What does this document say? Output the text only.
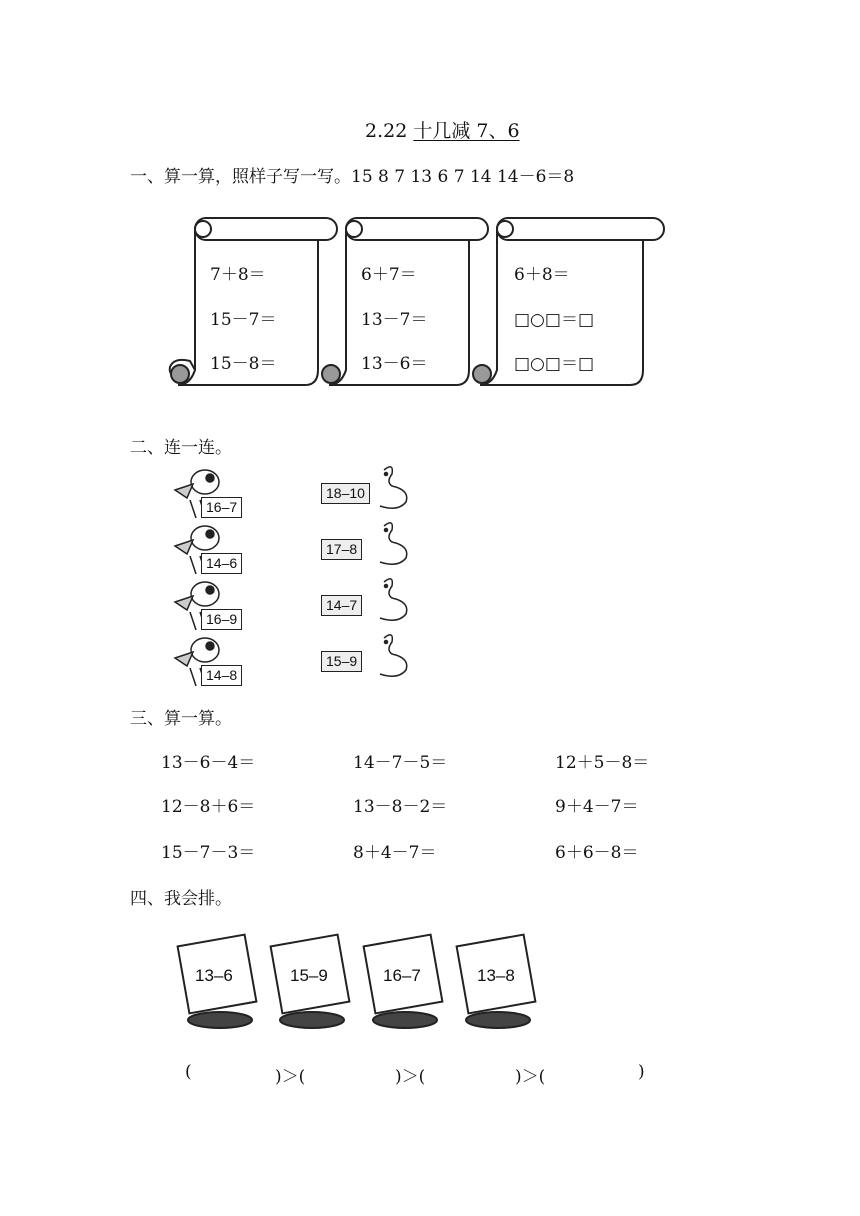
2.22 十几减 7、6
一、算一算，照样子写一写。15 8 7 13 6 7 14 14－6＝8
7＋8＝
15－7＝
15－8＝
6＋7＝
13－7＝
13－6＝
6＋8＝
□○□＝□
□○□＝□
二、连一连。
16–7
14–6
16–9
14–8
18–10
17–8
14–7
15–9
三、算一算。
13－6－4＝	14－7－5＝	12＋5－8＝
12－8＋6＝	13－8－2＝	9＋4－7＝
15－7－3＝	8＋4－7＝	6＋6－8＝
四、我会排。
13–6	15–9	16–7	13–8
(	)＞(	)＞(	)＞(	)
